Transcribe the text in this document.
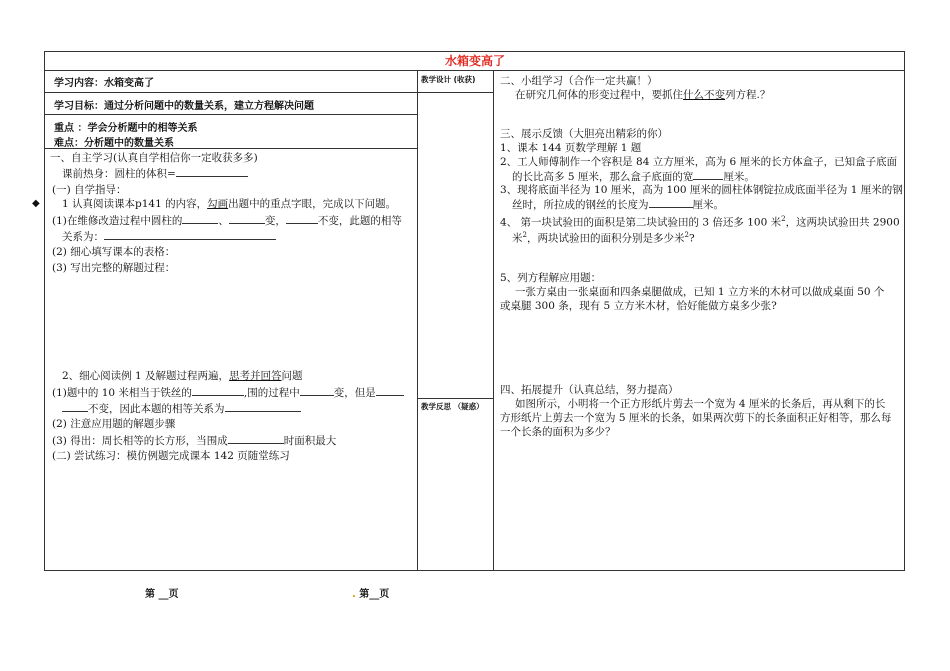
水箱变高了
学习内容：水箱变高了
学习目标：通过分析问题中的数量关系，建立方程解决问题
重点 ：学会分析题中的相等关系
难点：分析题中的数量关系
教学设计 (收获)
教学反思 （疑惑）
一、自主学习(认真自学相信你一定收获多多)
课前热身：圆柱的体积=
(一) 自学指导：
◆ 1 认真阅读课本p141 的内容，勾画出题中的重点字眼，完成以下问题。
(1)在维修改造过程中圆柱的	、	变，	不变，此题的相等
关系为：
(2) 细心填写课本的表格：
(3) 写出完整的解题过程：
2、细心阅读例 1 及解题过程两遍，思考并回答问题
(1)题中的 10 米相当于铁丝的	,围的过程中	变，但是
不变，因此本题的相等关系为
(2) 注意应用题的解题步骤
(3) 得出：周长相等的长方形，当围成	时面积最大
(二) 尝试练习：模仿例题完成课本 142 页随堂练习
二、小组学习（合作一定共赢！）
在研究几何体的形变过程中，要抓住什么不变列方程.？
三、展示反馈（大胆亮出精彩的你）
1、课本 144 页数学理解 1 题
2、工人师傅制作一个容积是 84 立方厘米，高为 6 厘米的长方体盒子，已知盒子底面
的长比高多 5 厘米，那么盒子底面的宽	厘米。
3、现将底面半径为 10 厘米，高为 100 厘米的圆柱体钢锭拉成底面半径为 1 厘米的钢
丝时，所拉成的钢丝的长度为	厘米。
4、 第一块试验田的面积是第二块试验田的 3 倍还多 100 米$^2$，这两块试验田共 2900
米$^2$，两块试验田的面积分别是多少米$^2$?
5、列方程解应用题：
一张方桌由一张桌面和四条桌腿做成，已知 1 立方米的木材可以做成桌面 50 个
或桌腿 300 条，现有 5 立方米木材，恰好能做方桌多少张?
四、拓展提升（认真总结，努力提高）
如图所示，小明将一个正方形纸片剪去一个宽为 4 厘米的长条后，再从剩下的长
方形纸片上剪去一个宽为 5 厘米的长条，如果两次剪下的长条面积正好相等，那么每
一个长条的面积为多少？
第 __页	. 第__页
